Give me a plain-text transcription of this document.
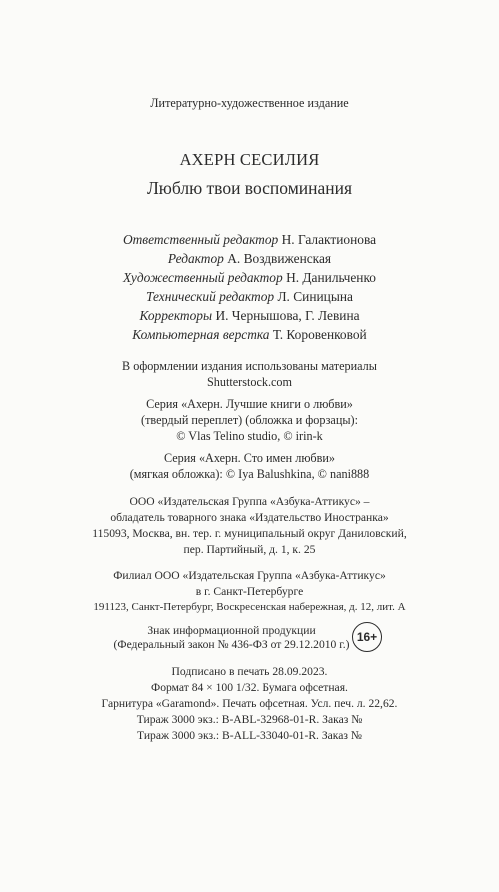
Литературно-художественное издание
АХЕРН СЕСИЛИЯ
Люблю твои воспоминания
Ответственный редактор Н. Галактионова
Редактор А. Воздвиженская
Художественный редактор Н. Данильченко
Технический редактор Л. Синицына
Корректоры И. Чернышова, Г. Левина
Компьютерная верстка Т. Коровенковой
В оформлении издания использованы материалы
Shutterstock.com
Серия «Ахерн. Лучшие книги о любви»
(твердый переплет) (обложка и форзацы):
© Vlas Telino studio, © irin-k
Серия «Ахерн. Сто имен любви»
(мягкая обложка): © Iya Balushkina, © nani888
ООО «Издательская Группа «Азбука-Аттикус» –
обладатель товарного знака «Издательство Иностранка»
115093, Москва, вн. тер. г. муниципальный округ Даниловский,
пер. Партийный, д. 1, к. 25
Филиал ООО «Издательская Группа «Азбука-Аттикус»
в г. Санкт-Петербурге
191123, Санкт-Петербург, Воскресенская набережная, д. 12, лит. А
Знак информационной продукции
(Федеральный закон № 436-ФЗ от 29.12.2010 г.)
16+
Подписано в печать 28.09.2023.
Формат 84 × 100 1/32. Бумага офсетная.
Гарнитура «Garamond». Печать офсетная. Усл. печ. л. 22,62.
Тираж 3000 экз.: B-ABL-32968-01-R. Заказ №
Тираж 3000 экз.: B-ALL-33040-01-R. Заказ №
